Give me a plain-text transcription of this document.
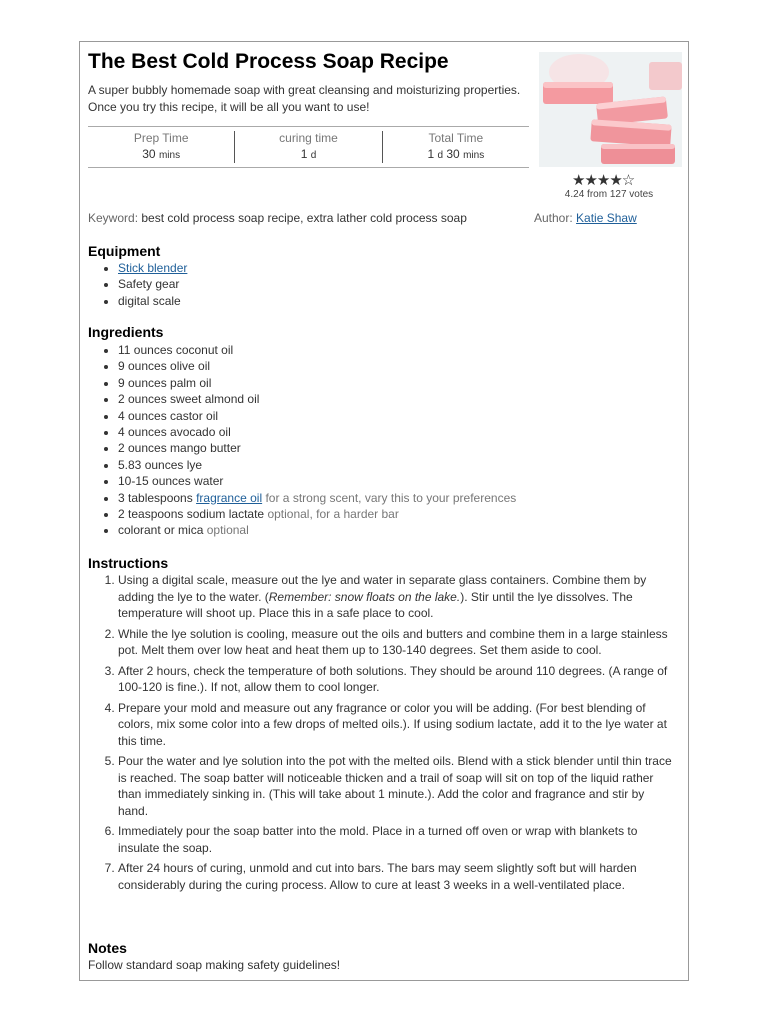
The Best Cold Process Soap Recipe
A super bubbly homemade soap with great cleansing and moisturizing properties. Once you try this recipe, it will be all you want to use!
Prep Time
30 mins
curing time
1 d
Total Time
1 d 30 mins
★★★★☆
4.24 from 127 votes
Keyword: best cold process soap recipe, extra lather cold process soap	Author: Katie Shaw
Equipment
• Stick blender
• Safety gear
• digital scale
Ingredients
• 11 ounces coconut oil
• 9 ounces olive oil
• 9 ounces palm oil
• 2 ounces sweet almond oil
• 4 ounces castor oil
• 4 ounces avocado oil
• 2 ounces mango butter
• 5.83 ounces lye
• 10-15 ounces water
• 3 tablespoons fragrance oil for a strong scent, vary this to your preferences
• 2 teaspoons sodium lactate optional, for a harder bar
• colorant or mica optional
Instructions
1. Using a digital scale, measure out the lye and water in separate glass containers. Combine them by adding the lye to the water. (Remember: snow floats on the lake.). Stir until the lye dissolves. The temperature will shoot up. Place this in a safe place to cool.
2. While the lye solution is cooling, measure out the oils and butters and combine them in a large stainless pot. Melt them over low heat and heat them up to 130-140 degrees. Set them aside to cool.
3. After 2 hours, check the temperature of both solutions. They should be around 110 degrees. (A range of 100-120 is fine.). If not, allow them to cool longer.
4. Prepare your mold and measure out any fragrance or color you will be adding. (For best blending of colors, mix some color into a few drops of melted oils.). If using sodium lactate, add it to the lye water at this time.
5. Pour the water and lye solution into the pot with the melted oils. Blend with a stick blender until thin trace is reached. The soap batter will noticeable thicken and a trail of soap will sit on top of the liquid rather than immediately sinking in. (This will take about 1 minute.). Add the color and fragrance and stir by hand.
6. Immediately pour the soap batter into the mold. Place in a turned off oven or wrap with blankets to insulate the soap.
7. After 24 hours of curing, unmold and cut into bars. The bars may seem slightly soft but will harden considerably during the curing process. Allow to cure at least 3 weeks in a well-ventilated place.
Notes
Follow standard soap making safety guidelines!
